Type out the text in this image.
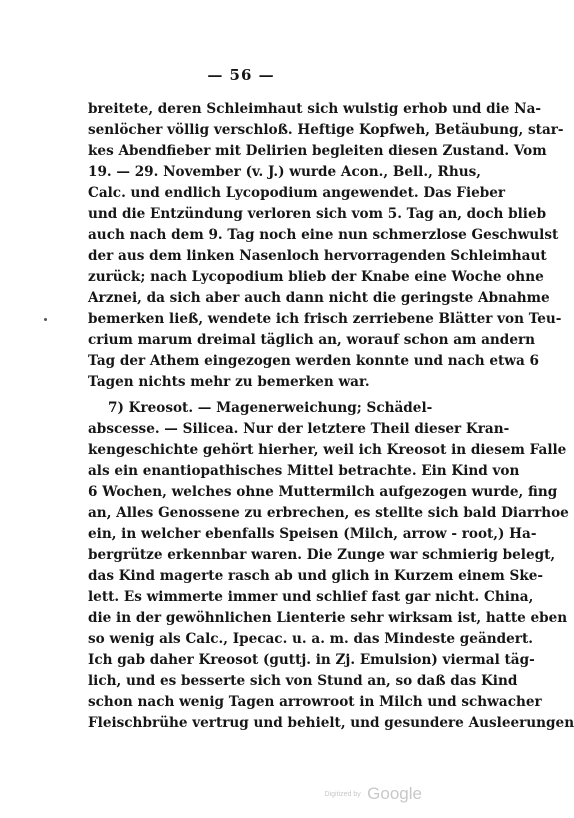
— 56 —
breitete, deren Schleimhaut sich wulstig erhob und die Na-
senlöcher völlig verschloß. Heftige Kopfweh, Betäubung, star-
kes Abendfieber mit Delirien begleiten diesen Zustand. Vom
19. — 29. November (v. J.) wurde Acon., Bell., Rhus,
Calc. und endlich Lycopodium angewendet. Das Fieber
und die Entzündung verloren sich vom 5. Tag an, doch blieb
auch nach dem 9. Tag noch eine nun schmerzlose Geschwulst
der aus dem linken Nasenloch hervorragenden Schleimhaut
zurück; nach Lycopodium blieb der Knabe eine Woche ohne
Arznei, da sich aber auch dann nicht die geringste Abnahme
bemerken ließ, wendete ich frisch zerriebene Blätter von Teu-
crium marum dreimal täglich an, worauf schon am andern
Tag der Athem eingezogen werden konnte und nach etwa 6
Tagen nichts mehr zu bemerken war.
7) Kreosot. — Magenerweichung; Schädel-
abscesse. — Silicea. Nur der letztere Theil dieser Kran-
kengeschichte gehört hierher, weil ich Kreosot in diesem Falle
als ein enantiopathisches Mittel betrachte. Ein Kind von
6 Wochen, welches ohne Muttermilch aufgezogen wurde, fing
an, Alles Genossene zu erbrechen, es stellte sich bald Diarrhoe
ein, in welcher ebenfalls Speisen (Milch, arrow - root,) Ha-
bergrütze erkennbar waren. Die Zunge war schmierig belegt,
das Kind magerte rasch ab und glich in Kurzem einem Ske-
lett. Es wimmerte immer und schlief fast gar nicht. China,
die in der gewöhnlichen Lienterie sehr wirksam ist, hatte eben
so wenig als Calc., Ipecac. u. a. m. das Mindeste geändert.
Ich gab daher Kreosot (guttj. in Zj. Emulsion) viermal täg-
lich, und es besserte sich von Stund an, so daß das Kind
schon nach wenig Tagen arrowroot in Milch und schwacher
Fleischbrühe vertrug und behielt, und gesundere Ausleerungen
Digitized by Google
